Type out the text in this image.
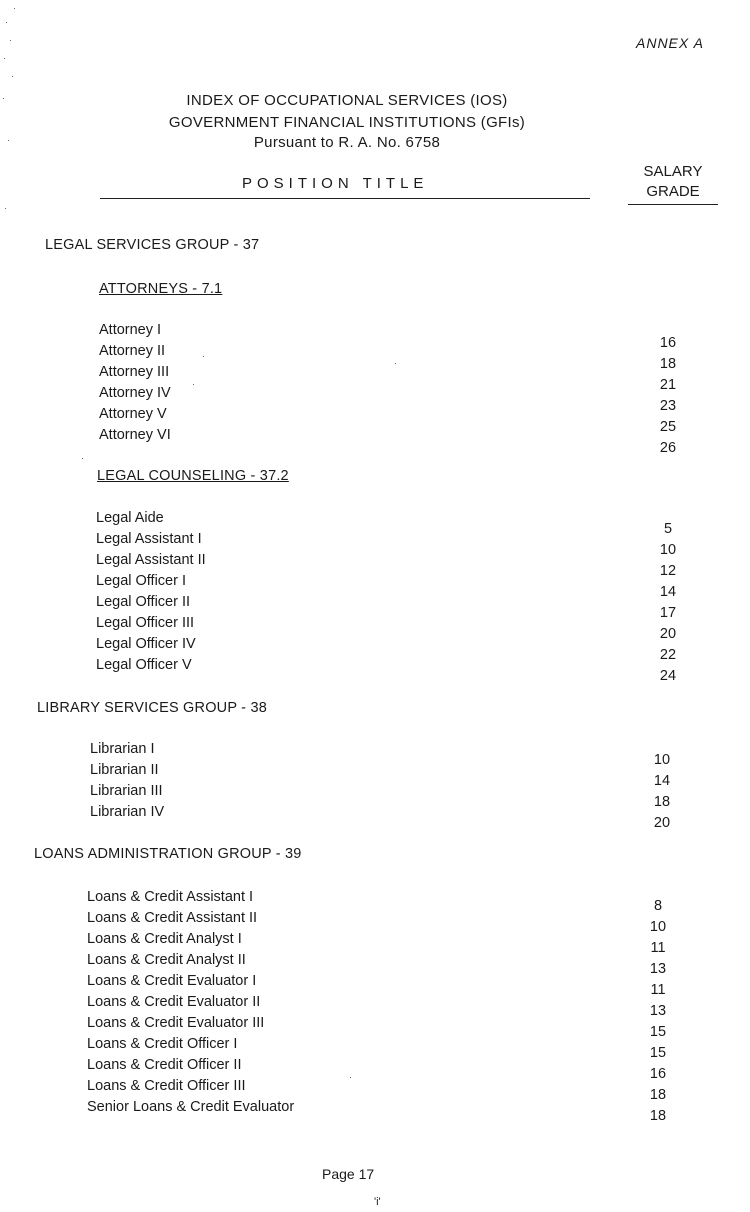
ANNEX A
INDEX OF OCCUPATIONAL SERVICES (IOS)
GOVERNMENT FINANCIAL INSTITUTIONS (GFIs)
Pursuant to R. A. No. 6758
POSITION TITLE
SALARY
GRADE
LEGAL SERVICES GROUP - 37
ATTORNEYS - 7.1
Attorney I
Attorney II
Attorney III
Attorney IV
Attorney V
Attorney VI
16
18
21
23
25
26
LEGAL COUNSELING - 37.2
Legal Aide
Legal Assistant I
Legal Assistant II
Legal Officer I
Legal Officer II
Legal Officer III
Legal Officer IV
Legal Officer V
5
10
12
14
17
20
22
24
LIBRARY SERVICES GROUP - 38
Librarian I
Librarian II
Librarian III
Librarian IV
10
14
18
20
LOANS ADMINISTRATION GROUP - 39
Loans & Credit Assistant I
Loans & Credit Assistant II
Loans & Credit Analyst I
Loans & Credit Analyst II
Loans & Credit Evaluator I
Loans & Credit Evaluator II
Loans & Credit Evaluator III
Loans & Credit Officer I
Loans & Credit Officer II
Loans & Credit Officer III
Senior Loans & Credit Evaluator
8
10
11
13
11
13
15
15
16
18
18
Page 17
'i'
